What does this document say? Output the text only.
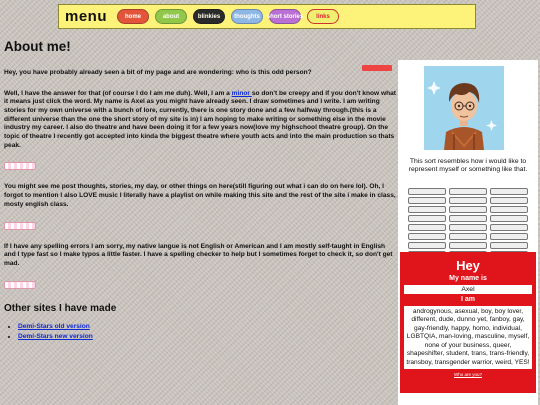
menu	home	about	blinkies	thoughts	short stories	links
About me!

Hey, you have probably already seen a bit of my page and are wondering: who is this odd person?

Well, I have the answer for that (of course I do I am me duh). Well, I am a minor so don't be creepy and if you don't know what it means just click the word. My name is Axel as you might have already seen. I draw sometimes and I write. I am writing stories for my own universe with a bunch of lore, currently, there is one story done and a few halfway through.(this is a different universe than the one the short story of my site is in) I am hoping to make writing or something else in the movie industry my career. I also do theatre and have been doing it for a few years now(love my highschool theatre group). On the topic of theatre I recently got accepted into kinda the biggest theatre where youth acts and into the main production so thats peak.

You might see me post thoughts, stories, my day, or other things on here(still figuring out what i can do on here lol). Oh, I forgot to mention I also LOVE music I literally have a playlist on while making this site and the rest of the site i make in class, mosty english class.

If I have any spelling errors I am sorry, my native langue is not English or American and I am mostly self-taught in English and I type fast so I make typos a little faster. I have a spelling checker to help but I sometimes forget to check it, so don't get mad.

Other sites I have made
• Demi-Stars old version
• Demi-Stars new version
This sort resembles how i would like to represent myself or something like that.
Hey
My name is
Axel
I am
androgynous, asexual, boy, boy lover, different, dude, dunno yet, fanboy, gay, gay-friendly, happy, homo, individual, LGBTQIA, man-loving, masculine, myself, none of your business, queer, shapeshifter, student, trans, trans-friendly, transboy, transgender warrior, weird, YES!
Who are you?
